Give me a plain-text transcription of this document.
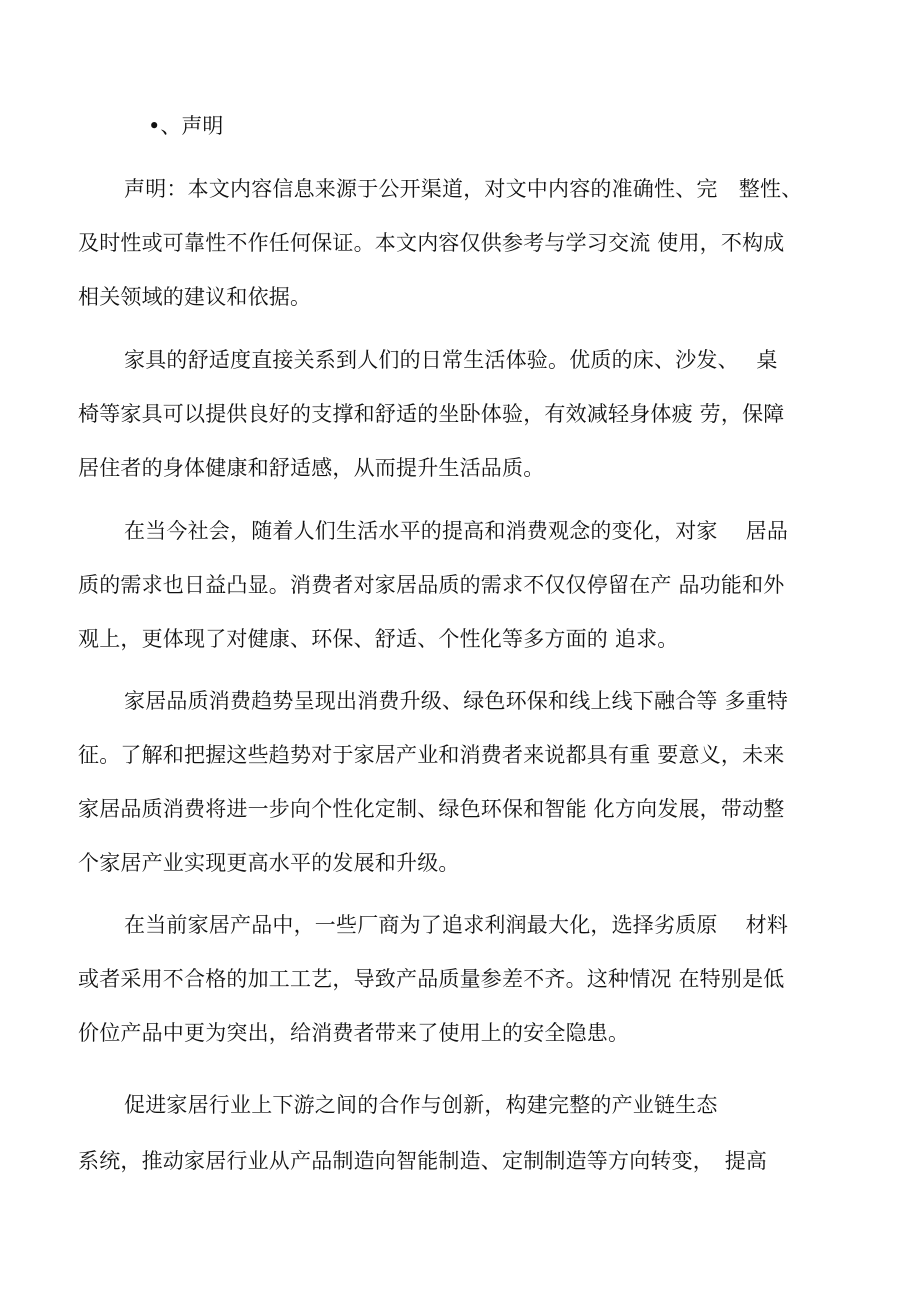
•、声明
声明：本文内容信息来源于公开渠道，对文中内容的准确性、完　整性、
及时性或可靠性不作任何保证。本文内容仅供参考与学习交流 使用，不构成
相关领域的建议和依据。
家具的舒适度直接关系到人们的日常生活体验。优质的床、沙发、　 桌
椅等家具可以提供良好的支撑和舒适的坐卧体验，有效减轻身体疲 劳，保障
居住者的身体健康和舒适感，从而提升生活品质。
在当今社会，随着人们生活水平的提高和消费观念的变化，对家　 居品
质的需求也日益凸显。消费者对家居品质的需求不仅仅停留在产 品功能和外
观上，更体现了对健康、环保、舒适、个性化等多方面的 追求。
家居品质消费趋势呈现出消费升级、绿色环保和线上线下融合等 多重特
征。了解和把握这些趋势对于家居产业和消费者来说都具有重 要意义，未来
家居品质消费将进一步向个性化定制、绿色环保和智能 化方向发展，带动整
个家居产业实现更高水平的发展和升级。
在当前家居产品中，一些厂商为了追求利润最大化，选择劣质原　 材料
或者采用不合格的加工工艺，导致产品质量参差不齐。这种情况 在特别是低
价位产品中更为突出，给消费者带来了使用上的安全隐患。
促进家居行业上下游之间的合作与创新，构建完整的产业链生态
系统，推动家居行业从产品制造向智能制造、定制制造等方向转变，　提高
